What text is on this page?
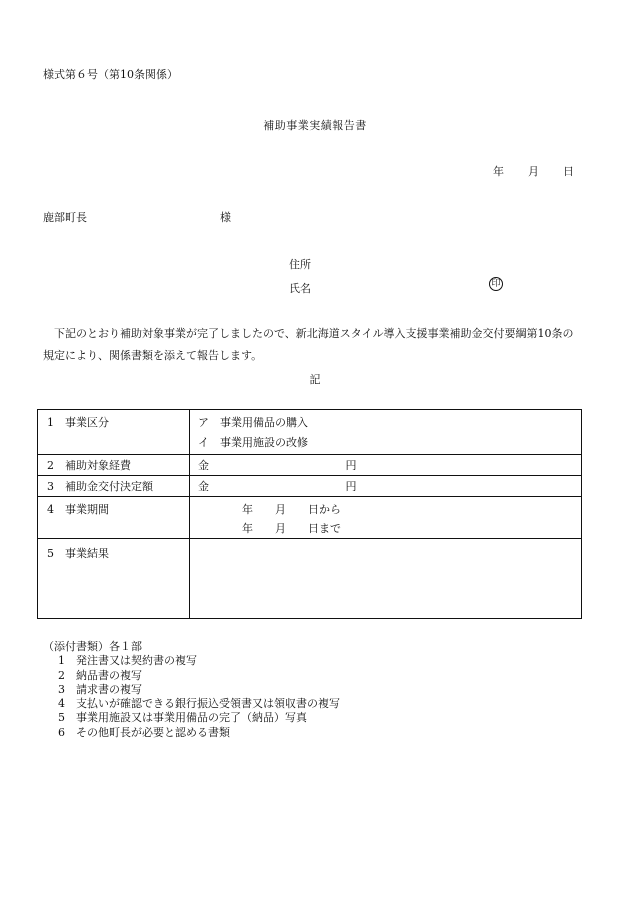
様式第６号（第10条関係）
補助事業実績報告書
年 月 日
鹿部町長	様
住所
氏名	印
下記のとおり補助対象事業が完了しましたので、新北海道スタイル導入支援事業補助金交付要綱第10条の規定により、関係書類を添えて報告します。
記
1　事業区分	ア　事業用備品の購入
イ　事業用施設の改修

2　補助対象経費	金 円
3　補助金交付決定額	金 円
4　事業期間	年　　月　　日から
年　　月　　日まで

5　事業結果	
（添付書類）各１部
1　発注書又は契約書の複写
2　納品書の複写
3　請求書の複写
4　支払いが確認できる銀行振込受領書又は領収書の複写
5　事業用施設又は事業用備品の完了（納品）写真
6　その他町長が必要と認める書類
